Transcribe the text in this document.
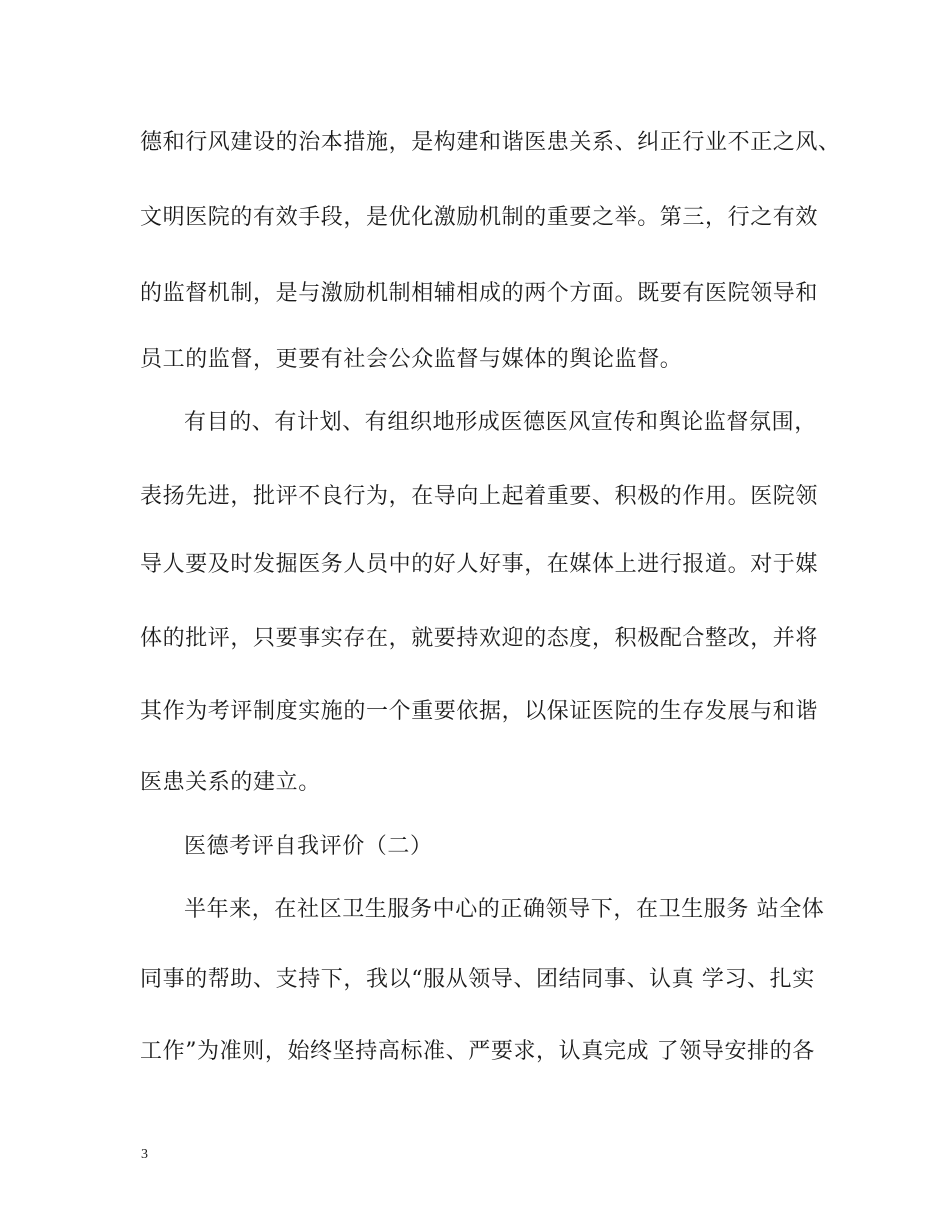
德和行风建设的治本措施，是构建和谐医患关系、纠正行业不正之风、
文明医院的有效手段，是优化激励机制的重要之举。第三，行之有效
的监督机制，是与激励机制相辅相成的两个方面。既要有医院领导和
员工的监督，更要有社会公众监督与媒体的舆论监督。
有目的、有计划、有组织地形成医德医风宣传和舆论监督氛围，
表扬先进，批评不良行为，在导向上起着重要、积极的作用。医院领
导人要及时发掘医务人员中的好人好事，在媒体上进行报道。对于媒
体的批评，只要事实存在，就要持欢迎的态度，积极配合整改，并将
其作为考评制度实施的一个重要依据，以保证医院的生存发展与和谐
医患关系的建立。
医德考评自我评价（二）
半年来，在社区卫生服务中心的正确领导下，在卫生服务 站全体
同事的帮助、支持下，我以“服从领导、团结同事、认真 学习、扎实
工作”为准则，始终坚持高标准、严要求，认真完成 了领导安排的各
3
